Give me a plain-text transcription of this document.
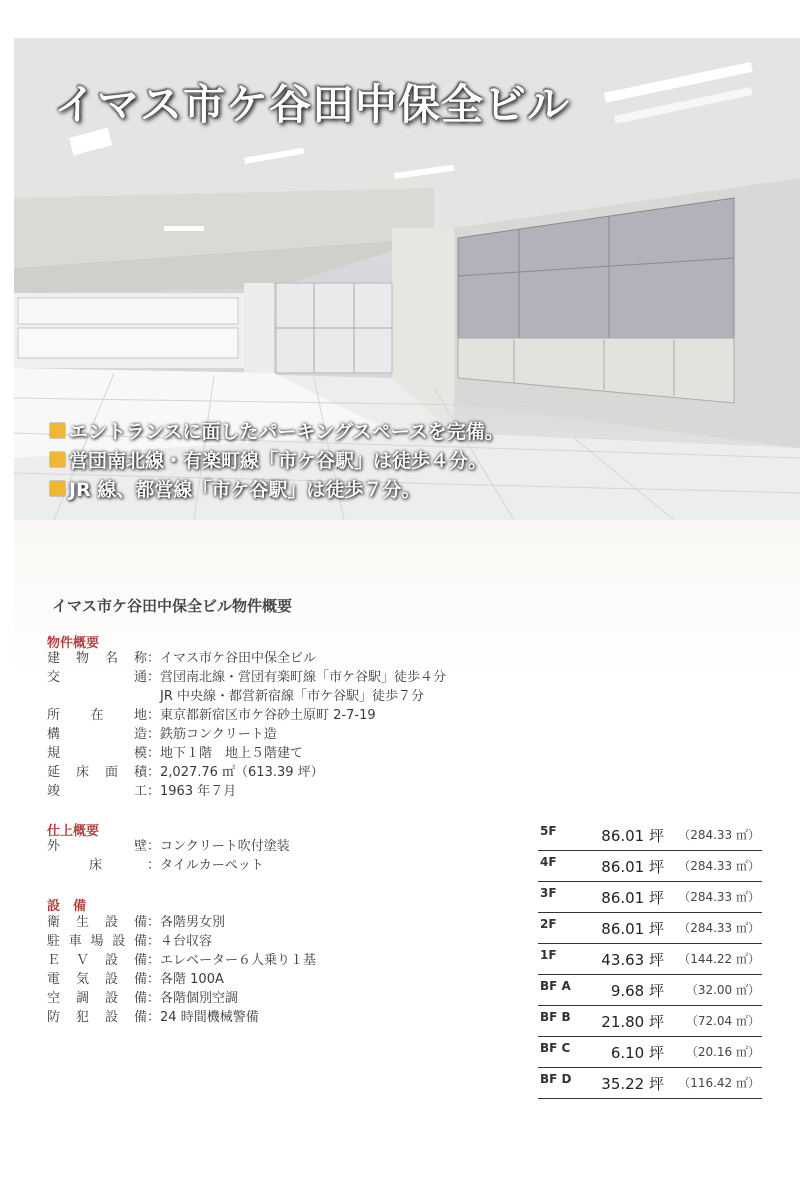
イマス市ケ谷田中保全ビル
エントランスに面したパーキングスペースを完備。
営団南北線・有楽町線「市ケ谷駅」は徒歩４分。
JR 線、都営線「市ケ谷駅」は徒歩７分。
イマス市ケ谷田中保全ビル物件概要
物件概要
建物名称：イマス市ケ谷田中保全ビル
交通：営団南北線・営団有楽町線「市ケ谷駅」徒歩４分
JR 中央線・都営新宿線「市ケ谷駅」徒歩７分
所在地：東京都新宿区市ケ谷砂土原町 2-7-19
構造：鉄筋コンクリート造
規模：地下１階　地上５階建て
延床面積：2,027.76 ㎡（613.39 坪）
竣工：1963 年７月
仕上概要
外壁：コンクリート吹付塗装
床	：タイルカーペット
設　備
衛生設備：各階男女別
駐車場設備：４台収容
ＥＶ設備：エレベーター６人乗り１基
電気設備：各階 100A
空調設備：各階個別空調
防犯設備：24 時間機械警備
5F	86.01 坪 （284.33 ㎡）
4F	86.01 坪 （284.33 ㎡）
3F	86.01 坪 （284.33 ㎡）
2F	86.01 坪 （284.33 ㎡）
1F	43.63 坪 （144.22 ㎡）
BF A	9.68 坪 （32.00 ㎡）
BF B 21.80 坪 （72.04 ㎡）
BF C	6.10 坪 （20.16 ㎡）
BF D 35.22 坪 （116.42 ㎡）
